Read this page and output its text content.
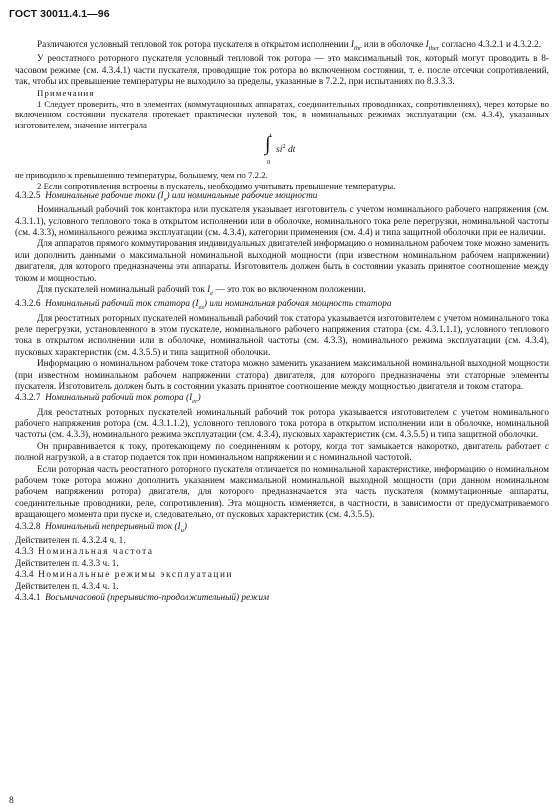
ГОСТ 30011.4.1—96

Различаются условный тепловой ток ротора пускателя в открытом исполнении $I_{thr}$ или в оболочке $I_{ther}$ согласно 4.3.2.1 и 4.3.2.2.

У реостатного роторного пускателя условный тепловой ток ротора — это максимальный ток, который могут проводить в 8-часовом режиме (см. 4.3.4.1) части пускателя, проводящие ток ротора во включенном состоянии, т. е. после отсечки сопротивлений, так, чтобы их превышение температуры не выходило за пределы, указанные в 7.2.2, при испытаниях по 8.3.3.3.

Примечания

1 Следует проверить, что в элементах (коммутационных аппаратах, соединительных проводниках, сопротивлениях), через которые во включенном состоянии пускателя протекает практически нулевой ток, в номинальных режимах эксплуатации (см. 4.3.4), указанных изготовителем, значение интеграла

t
∫ $si^2$ dt
0

не приводило к превышению температуры, большему, чем по 7.2.2.

2 Если сопротивления встроены в пускатель, необходимо учитывать превышение температуры.

4.3.2.5 Номинальные рабочие токи $(I_e)$ или номинальные рабочие мощности

Номинальный рабочий ток контактора или пускателя указывает изготовитель с учетом номинального рабочего напряжения (см. 4.3.1.1), условного теплового тока в открытом исполнении или в оболочке, номинального тока реле перегрузки, номинальной частоты (см. 4.3.3), номинального режима эксплуатации (см. 4.3.4), категории применения (см. 4.4) и типа защитной оболочки при ее наличии.

Для аппаратов прямого коммутирования индивидуальных двигателей информацию о номинальном рабочем токе можно заменить или дополнить данными о максимальной номинальной выходной мощности (при известном номинальном рабочем напряжении) двигателя, для которого предназначены эти аппараты. Изготовитель должен быть в состоянии указать принятое соотношение между током и мощностью.

Для пускателей номинальный рабочий ток $I_e$ — это ток во включенном положении.

4.3.2.6 Номинальный рабочий ток статора $(I_{es})$ или номинальная рабочая мощность статора

Для реостатных роторных пускателей номинальный рабочий ток статора указывается изготовителем с учетом номинального тока реле перегрузки, установленного в этом пускателе, номинального рабочего напряжения статора (см. 4.3.1.1.1), условного теплового тока в открытом исполнении или в оболочке, номинальной частоты (см. 4.3.3), номинального режима эксплуатации (см. 4.3.4), пусковых характеристик (см. 4.3.5.5) и типа защитной оболочки.

Информацию о номинальном рабочем токе статора можно заменить указанием максимальной номинальной выходной мощности (при известном номинальном рабочем напряжении статора) двигателя, для которого предназначены эти статорные элементы пускателя. Изготовитель должен быть в состоянии указать принятое соотношение между мощностью двигателя и током статора.

4.3.2.7 Номинальный рабочий ток ротора $(I_{er})$

Для реостатных роторных пускателей номинальный рабочий ток ротора указывается изготовителем с учетом номинального рабочего напряжения ротора (см. 4.3.1.1.2), условного теплового тока ротора в открытом исполнении или в оболочке, номинальной частоты (см. 4.3.3), номинального режима эксплуатации (см. 4.3.4), пусковых характеристик (см. 4.3.5.5) и типа защитной оболочки.

Он приравнивается к току, протекающему по соединениям к ротору, когда тот замыкается накоротко, двигатель работает с полной нагрузкой, а в статор подается ток при номинальном напряжении и с номинальной частотой.

Если роторная часть реостатного роторного пускателя отличается по номинальной характеристике, информацию о номинальном рабочем токе ротора можно дополнить указанием максимальной номинальной выходной мощности (при данном номинальном рабочем напряжении ротора) двигателя, для которого предназначается эта часть пускателя (коммутационные аппараты, соединительные проводники, реле, сопротивления). Эта мощность изменяется, в частности, в зависимости от предусматриваемого вращающего момента при пуске и, следовательно, от пусковых характеристик (см. 4.3.5.5).

4.3.2.8 Номинальный непрерывный ток $(I_u)$

Действителен п. 4.3.2.4 ч. 1.

4.3.3 Номинальная частота

Действителен п. 4.3.3 ч. 1.

4.3.4 Номинальные режимы эксплуатации

Действителен п. 4.3.4 ч. 1.

4.3.4.1 Восьмичасовой (прерывисто-продолжительный) режим

8
